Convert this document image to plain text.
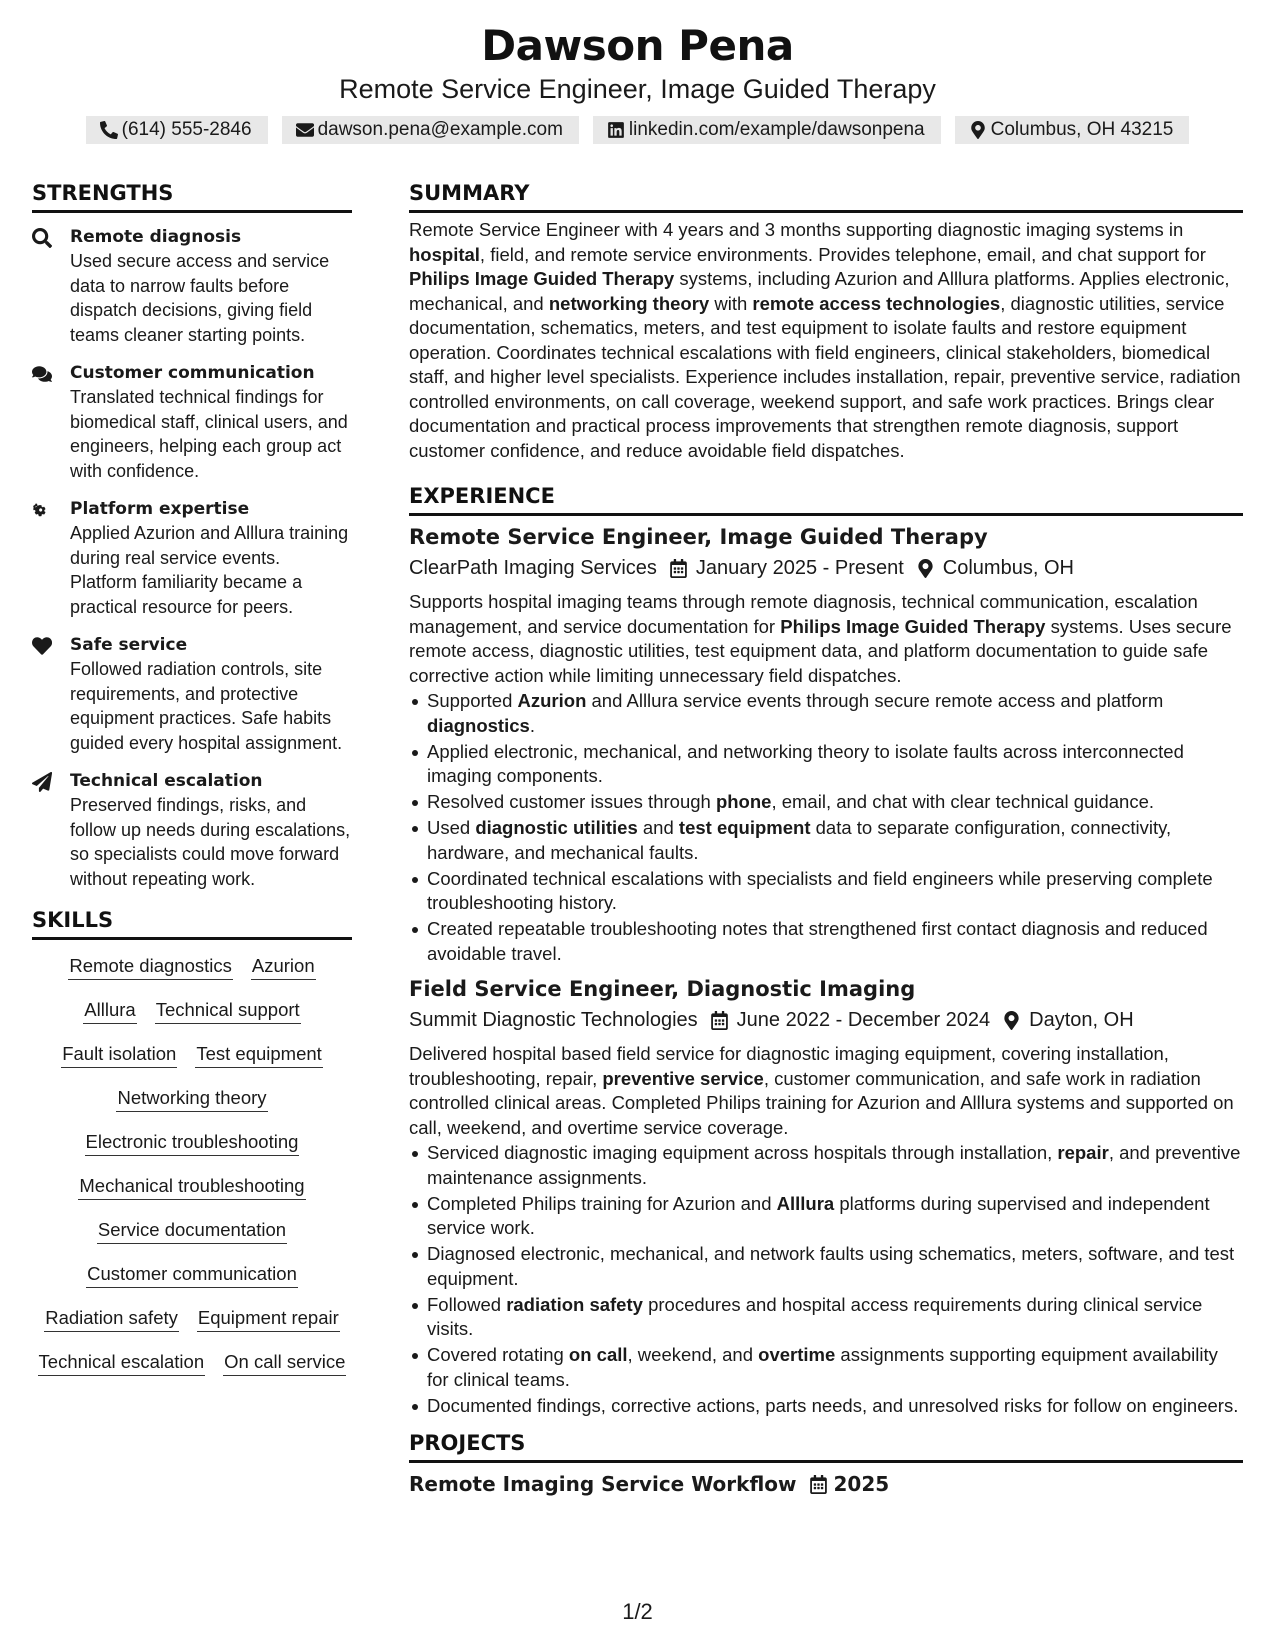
Dawson Pena
Remote Service Engineer, Image Guided Therapy
(614) 555-2846	dawson.pena@example.com	linkedin.com/example/dawsonpena	Columbus, OH 43215
STRENGTHS
Remote diagnosis
Used secure access and service data to narrow faults before dispatch decisions, giving field teams cleaner starting points.
Customer communication
Translated technical findings for biomedical staff, clinical users, and engineers, helping each group act with confidence.
Platform expertise
Applied Azurion and Alllura training during real service events. Platform familiarity became a practical resource for peers.
Safe service
Followed radiation controls, site requirements, and protective equipment practices. Safe habits guided every hospital assignment.
Technical escalation
Preserved findings, risks, and follow up needs during escalations, so specialists could move forward without repeating work.
SKILLS
Remote diagnostics Azurion
Alllura Technical support
Fault isolation Test equipment
Networking theory
Electronic troubleshooting
Mechanical troubleshooting
Service documentation
Customer communication
Radiation safety Equipment repair
Technical escalation On call service
SUMMARY
Remote Service Engineer with 4 years and 3 months supporting diagnostic imaging systems in hospital, field, and remote service environments. Provides telephone, email, and chat support for Philips Image Guided Therapy systems, including Azurion and Alllura platforms. Applies electronic, mechanical, and networking theory with remote access technologies, diagnostic utilities, service documentation, schematics, meters, and test equipment to isolate faults and restore equipment operation. Coordinates technical escalations with field engineers, clinical stakeholders, biomedical staff, and higher level specialists. Experience includes installation, repair, preventive service, radiation controlled environments, on call coverage, weekend support, and safe work practices. Brings clear documentation and practical process improvements that strengthen remote diagnosis, support customer confidence, and reduce avoidable field dispatches.
EXPERIENCE
Remote Service Engineer, Image Guided Therapy
ClearPath Imaging Services January 2025 - Present Columbus, OH
Supports hospital imaging teams through remote diagnosis, technical communication, escalation management, and service documentation for Philips Image Guided Therapy systems. Uses secure remote access, diagnostic utilities, test equipment data, and platform documentation to guide safe corrective action while limiting unnecessary field dispatches.
Supported Azurion and Alllura service events through secure remote access and platform diagnostics.
Applied electronic, mechanical, and networking theory to isolate faults across interconnected imaging components.
Resolved customer issues through phone, email, and chat with clear technical guidance.
Used diagnostic utilities and test equipment data to separate configuration, connectivity, hardware, and mechanical faults.
Coordinated technical escalations with specialists and field engineers while preserving complete troubleshooting history.
Created repeatable troubleshooting notes that strengthened first contact diagnosis and reduced avoidable travel.
Field Service Engineer, Diagnostic Imaging
Summit Diagnostic Technologies June 2022 - December 2024 Dayton, OH
Delivered hospital based field service for diagnostic imaging equipment, covering installation, troubleshooting, repair, preventive service, customer communication, and safe work in radiation controlled clinical areas. Completed Philips training for Azurion and Alllura systems and supported on call, weekend, and overtime service coverage.
Serviced diagnostic imaging equipment across hospitals through installation, repair, and preventive maintenance assignments.
Completed Philips training for Azurion and Alllura platforms during supervised and independent service work.
Diagnosed electronic, mechanical, and network faults using schematics, meters, software, and test equipment.
Followed radiation safety procedures and hospital access requirements during clinical service visits.
Covered rotating on call, weekend, and overtime assignments supporting equipment availability for clinical teams.
Documented findings, corrective actions, parts needs, and unresolved risks for follow on engineers.
PROJECTS
Remote Imaging Service Workflow 2025
1/2
